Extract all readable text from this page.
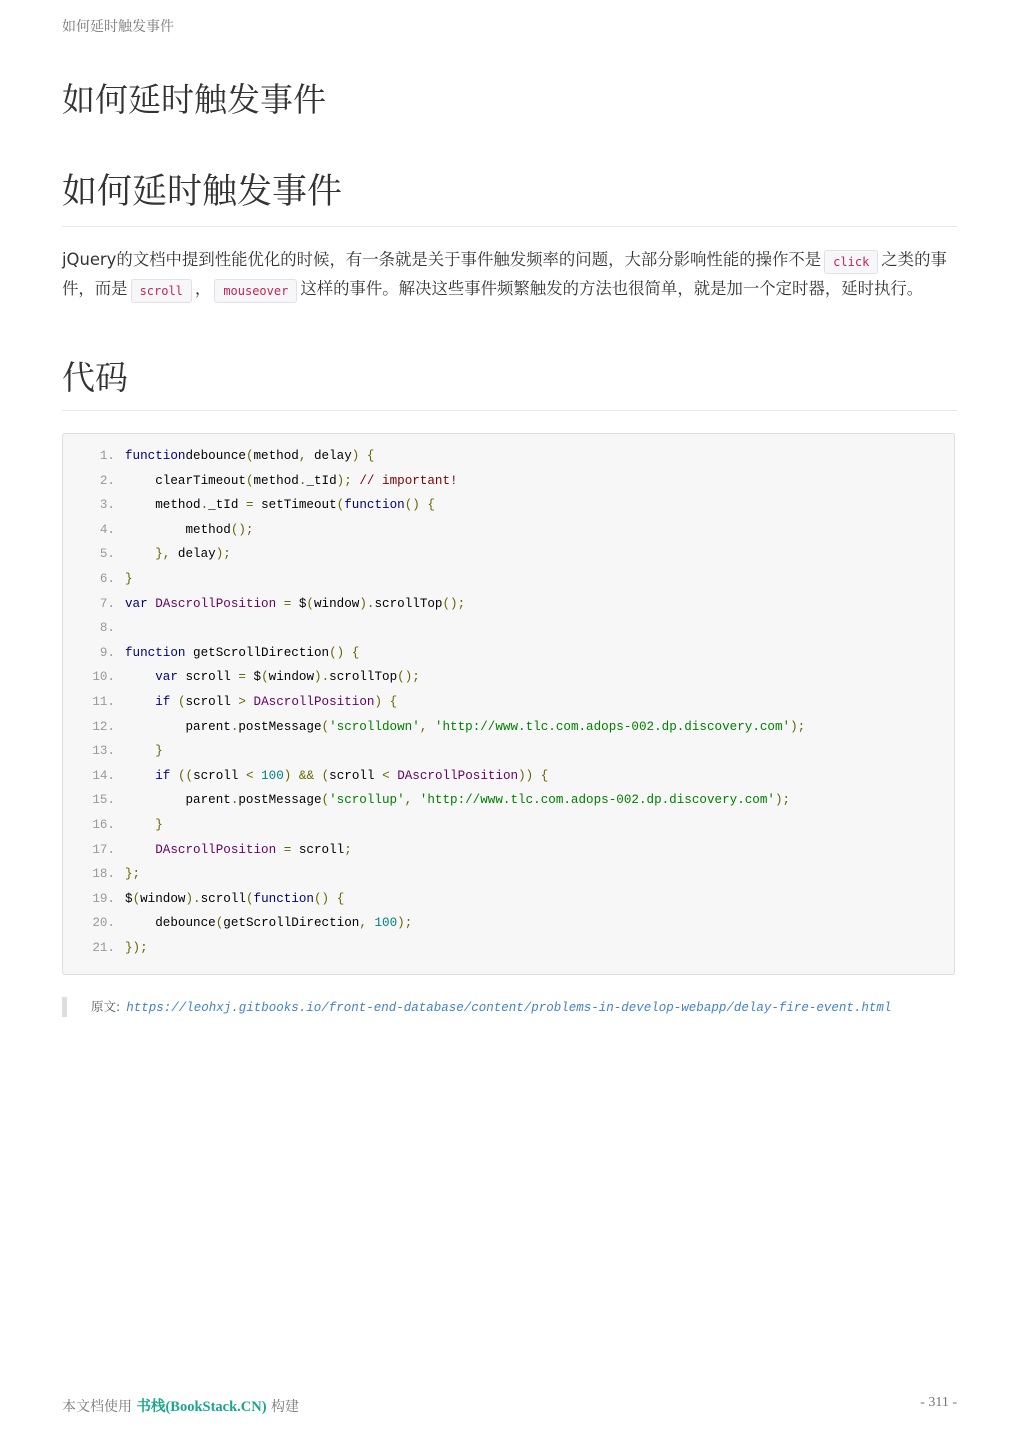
如何延时触发事件
如何延时触发事件
如何延时触发事件

jQuery的文档中提到性能优化的时候，有一条就是关于事件触发频率的问题，大部分影响性能的操作不是 click 之类的事件，而是 scroll ， mouseover 这样的事件。解决这些事件频繁触发的方法也很简单，就是加一个定时器，延时执行。

代码
1. functiondebounce(method, delay) {
2.	clearTimeout(method._tId); // important!
3.	method._tId = setTimeout(function() {
4.	method();
5.	}, delay);
6. }
7. var DAscrollPosition = $(window).scrollTop();
8.
9. function getScrollDirection() {
10.	var scroll = $(window).scrollTop();
11.	if (scroll > DAscrollPosition) {
12.	parent.postMessage('scrolldown', 'http://www.tlc.com.adops-002.dp.discovery.com');
13.	}
14.	if ((scroll < 100) && (scroll < DAscrollPosition)) {
15.	parent.postMessage('scrollup', 'http://www.tlc.com.adops-002.dp.discovery.com');
16.	}
17.	DAscrollPosition = scroll;
18. };
19. $(window).scroll(function() {
20.	debounce(getScrollDirection, 100);
21. });
原文: https://leohxj.gitbooks.io/front-end-database/content/problems-in-develop-webapp/delay-fire-event.html
本文档使用 书栈(BookStack.CN) 构建	- 311 -
